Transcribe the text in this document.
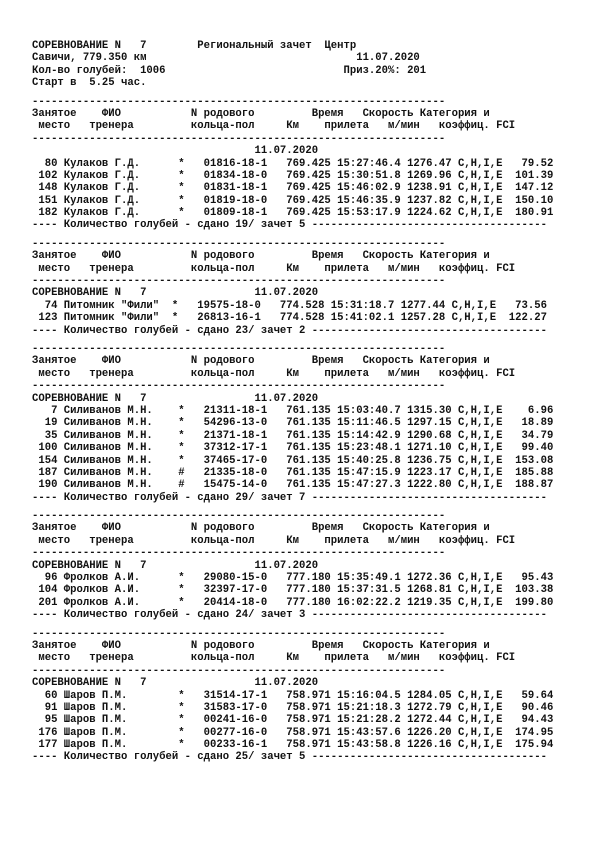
СОРЕВНОВАНИЕ N   7        Региональный зачет  Центр
Савичи, 779.350 км                                 11.07.2020
Кол-во голубей:  1006                            Приз.20%: 201
Старт в  5.25 час.
-----------------------------------------------------------------
Занятое    ФИО           N родового         Время   Скорость Категория и
место   тренера         кольца-пол     Км    прилета   м/мин   коэффиц. FCI
-----------------------------------------------------------------
11.07.2020
80 Кулаков Г.Д.      *   01816-18-1   769.425 15:27:46.4 1276.47 C,H,I,E   79.52
102 Кулаков Г.Д.      *   01834-18-0   769.425 15:30:51.8 1269.96 C,H,I,E  101.39
148 Кулаков Г.Д.      *   01831-18-1   769.425 15:46:02.9 1238.91 C,H,I,E  147.12
151 Кулаков Г.Д.      *   01819-18-0   769.425 15:46:35.9 1237.82 C,H,I,E  150.10
182 Кулаков Г.Д.      *   01809-18-1   769.425 15:53:17.9 1224.62 C,H,I,E  180.91
---- Количество голубей - сдано 19/ зачет 5 -------------------------------------
-----------------------------------------------------------------
Занятое    ФИО           N родового         Время   Скорость Категория и
место   тренера         кольца-пол     Км    прилета   м/мин   коэффиц. FCI
-----------------------------------------------------------------
СОРЕВНОВАНИЕ N   7                 11.07.2020
74 Питомник "Фили"  *   19575-18-0   774.528 15:31:18.7 1277.44 C,H,I,E   73.56
123 Питомник "Фили"  *   26813-16-1   774.528 15:41:02.1 1257.28 C,H,I,E  122.27
---- Количество голубей - сдано 23/ зачет 2 -------------------------------------
-----------------------------------------------------------------
Занятое    ФИО           N родового         Время   Скорость Категория и
место   тренера         кольца-пол     Км    прилета   м/мин   коэффиц. FCI
-----------------------------------------------------------------
СОРЕВНОВАНИЕ N   7                 11.07.2020
7 Силиванов М.Н.    *   21311-18-1   761.135 15:03:40.7 1315.30 C,H,I,E    6.96
19 Силиванов М.Н.    *   54296-13-0   761.135 15:11:46.5 1297.15 C,H,I,E   18.89
35 Силиванов М.Н.    *   21371-18-1   761.135 15:14:42.9 1290.68 C,H,I,E   34.79
100 Силиванов М.Н.    *   37312-17-1   761.135 15:23:48.1 1271.10 C,H,I,E   99.40
154 Силиванов М.Н.    *   37465-17-0   761.135 15:40:25.8 1236.75 C,H,I,E  153.08
187 Силиванов М.Н.    #   21335-18-0   761.135 15:47:15.9 1223.17 C,H,I,E  185.88
190 Силиванов М.Н.    #   15475-14-0   761.135 15:47:27.3 1222.80 C,H,I,E  188.87
---- Количество голубей - сдано 29/ зачет 7 -------------------------------------
-----------------------------------------------------------------
Занятое    ФИО           N родового         Время   Скорость Категория и
место   тренера         кольца-пол     Км    прилета   м/мин   коэффиц. FCI
-----------------------------------------------------------------
СОРЕВНОВАНИЕ N   7                 11.07.2020
96 Фролков А.И.      *   29080-15-0   777.180 15:35:49.1 1272.36 C,H,I,E   95.43
104 Фролков А.И.      *   32397-17-0   777.180 15:37:31.5 1268.81 C,H,I,E  103.38
201 Фролков А.И.      *   20414-18-0   777.180 16:02:22.2 1219.35 C,H,I,E  199.80
---- Количество голубей - сдано 24/ зачет 3 -------------------------------------
-----------------------------------------------------------------
Занятое    ФИО           N родового         Время   Скорость Категория и
место   тренера         кольца-пол     Км    прилета   м/мин   коэффиц. FCI
-----------------------------------------------------------------
СОРЕВНОВАНИЕ N   7                 11.07.2020
60 Шаров П.М.        *   31514-17-1   758.971 15:16:04.5 1284.05 C,H,I,E   59.64
91 Шаров П.М.        *   31583-17-0   758.971 15:21:18.3 1272.79 C,H,I,E   90.46
95 Шаров П.М.        *   00241-16-0   758.971 15:21:28.2 1272.44 C,H,I,E   94.43
176 Шаров П.М.        *   00277-16-0   758.971 15:43:57.6 1226.20 C,H,I,E  174.95
177 Шаров П.М.        *   00233-16-1   758.971 15:43:58.8 1226.16 C,H,I,E  175.94
---- Количество голубей - сдано 25/ зачет 5 -------------------------------------
